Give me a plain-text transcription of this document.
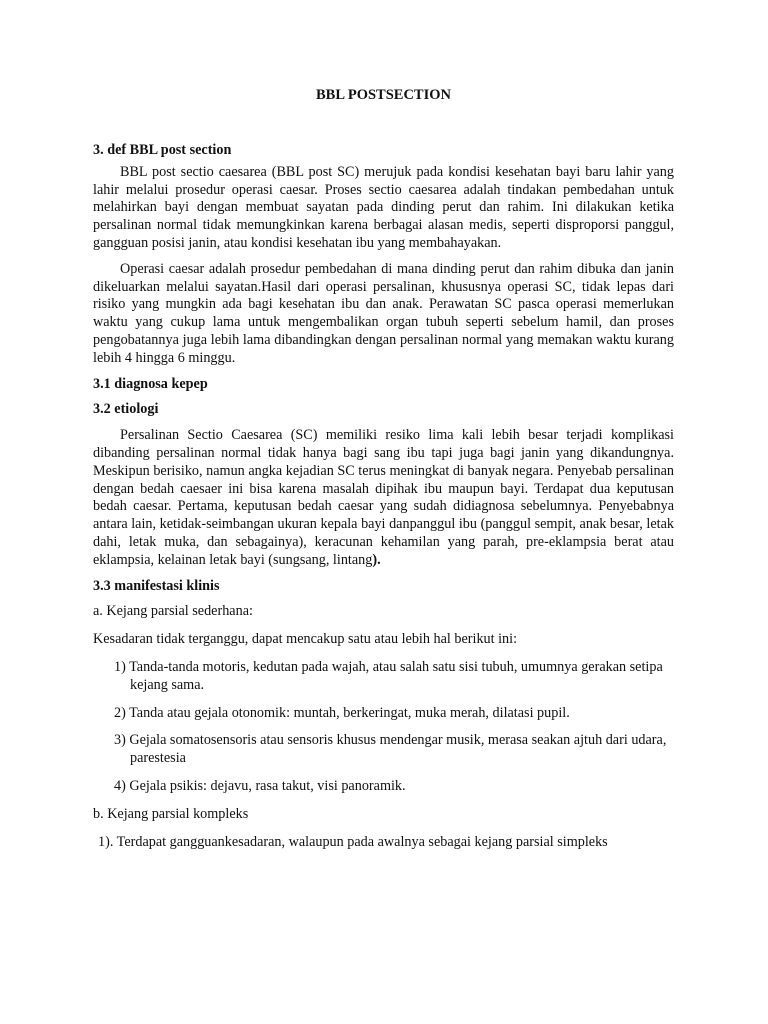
BBL POSTSECTION
3. def BBL post section

BBL post sectio caesarea (BBL post SC) merujuk pada kondisi kesehatan bayi baru lahir yang lahir melalui prosedur operasi caesar. Proses sectio caesarea adalah tindakan pembedahan untuk melahirkan bayi dengan membuat sayatan pada dinding perut dan rahim. Ini dilakukan ketika persalinan normal tidak memungkinkan karena berbagai alasan medis, seperti disproporsi panggul, gangguan posisi janin, atau kondisi kesehatan ibu yang membahayakan.

Operasi caesar adalah prosedur pembedahan di mana dinding perut dan rahim dibuka dan janin dikeluarkan melalui sayatan.Hasil dari operasi persalinan, khususnya operasi SC, tidak lepas dari risiko yang mungkin ada bagi kesehatan ibu dan anak. Perawatan SC pasca operasi memerlukan waktu yang cukup lama untuk mengembalikan organ tubuh seperti sebelum hamil, dan proses pengobatannya juga lebih lama dibandingkan dengan persalinan normal yang memakan waktu kurang lebih 4 hingga 6 minggu.

3.1 diagnosa kepep
3.2 etiologi

Persalinan Sectio Caesarea (SC) memiliki resiko lima kali lebih besar terjadi komplikasi dibanding persalinan normal tidak hanya bagi sang ibu tapi juga bagi janin yang dikandungnya. Meskipun berisiko, namun angka kejadian SC terus meningkat di banyak negara. Penyebab persalinan dengan bedah caesaer ini bisa karena masalah dipihak ibu maupun bayi. Terdapat dua keputusan bedah caesar. Pertama, keputusan bedah caesar yang sudah didiagnosa sebelumnya. Penyebabnya antara lain, ketidak-seimbangan ukuran kepala bayi danpanggul ibu (panggul sempit, anak besar, letak dahi, letak muka, dan sebagainya), keracunan kehamilan yang parah, pre-eklampsia berat atau eklampsia, kelainan letak bayi (sungsang, lintang).

3.3 manifestasi klinis

a. Kejang parsial sederhana:

Kesadaran tidak terganggu, dapat mencakup satu atau lebih hal berikut ini:

1) Tanda-tanda motoris, kedutan pada wajah, atau salah satu sisi tubuh, umumnya gerakan setipa kejang sama.
2) Tanda atau gejala otonomik: muntah, berkeringat, muka merah, dilatasi pupil.
3) Gejala somatosensoris atau sensoris khusus mendengar musik, merasa seakan ajtuh dari udara, parestesia
4) Gejala psikis: dejavu, rasa takut, visi panoramik.

b. Kejang parsial kompleks

1). Terdapat gangguankesadaran, walaupun pada awalnya sebagai kejang parsial simpleks
